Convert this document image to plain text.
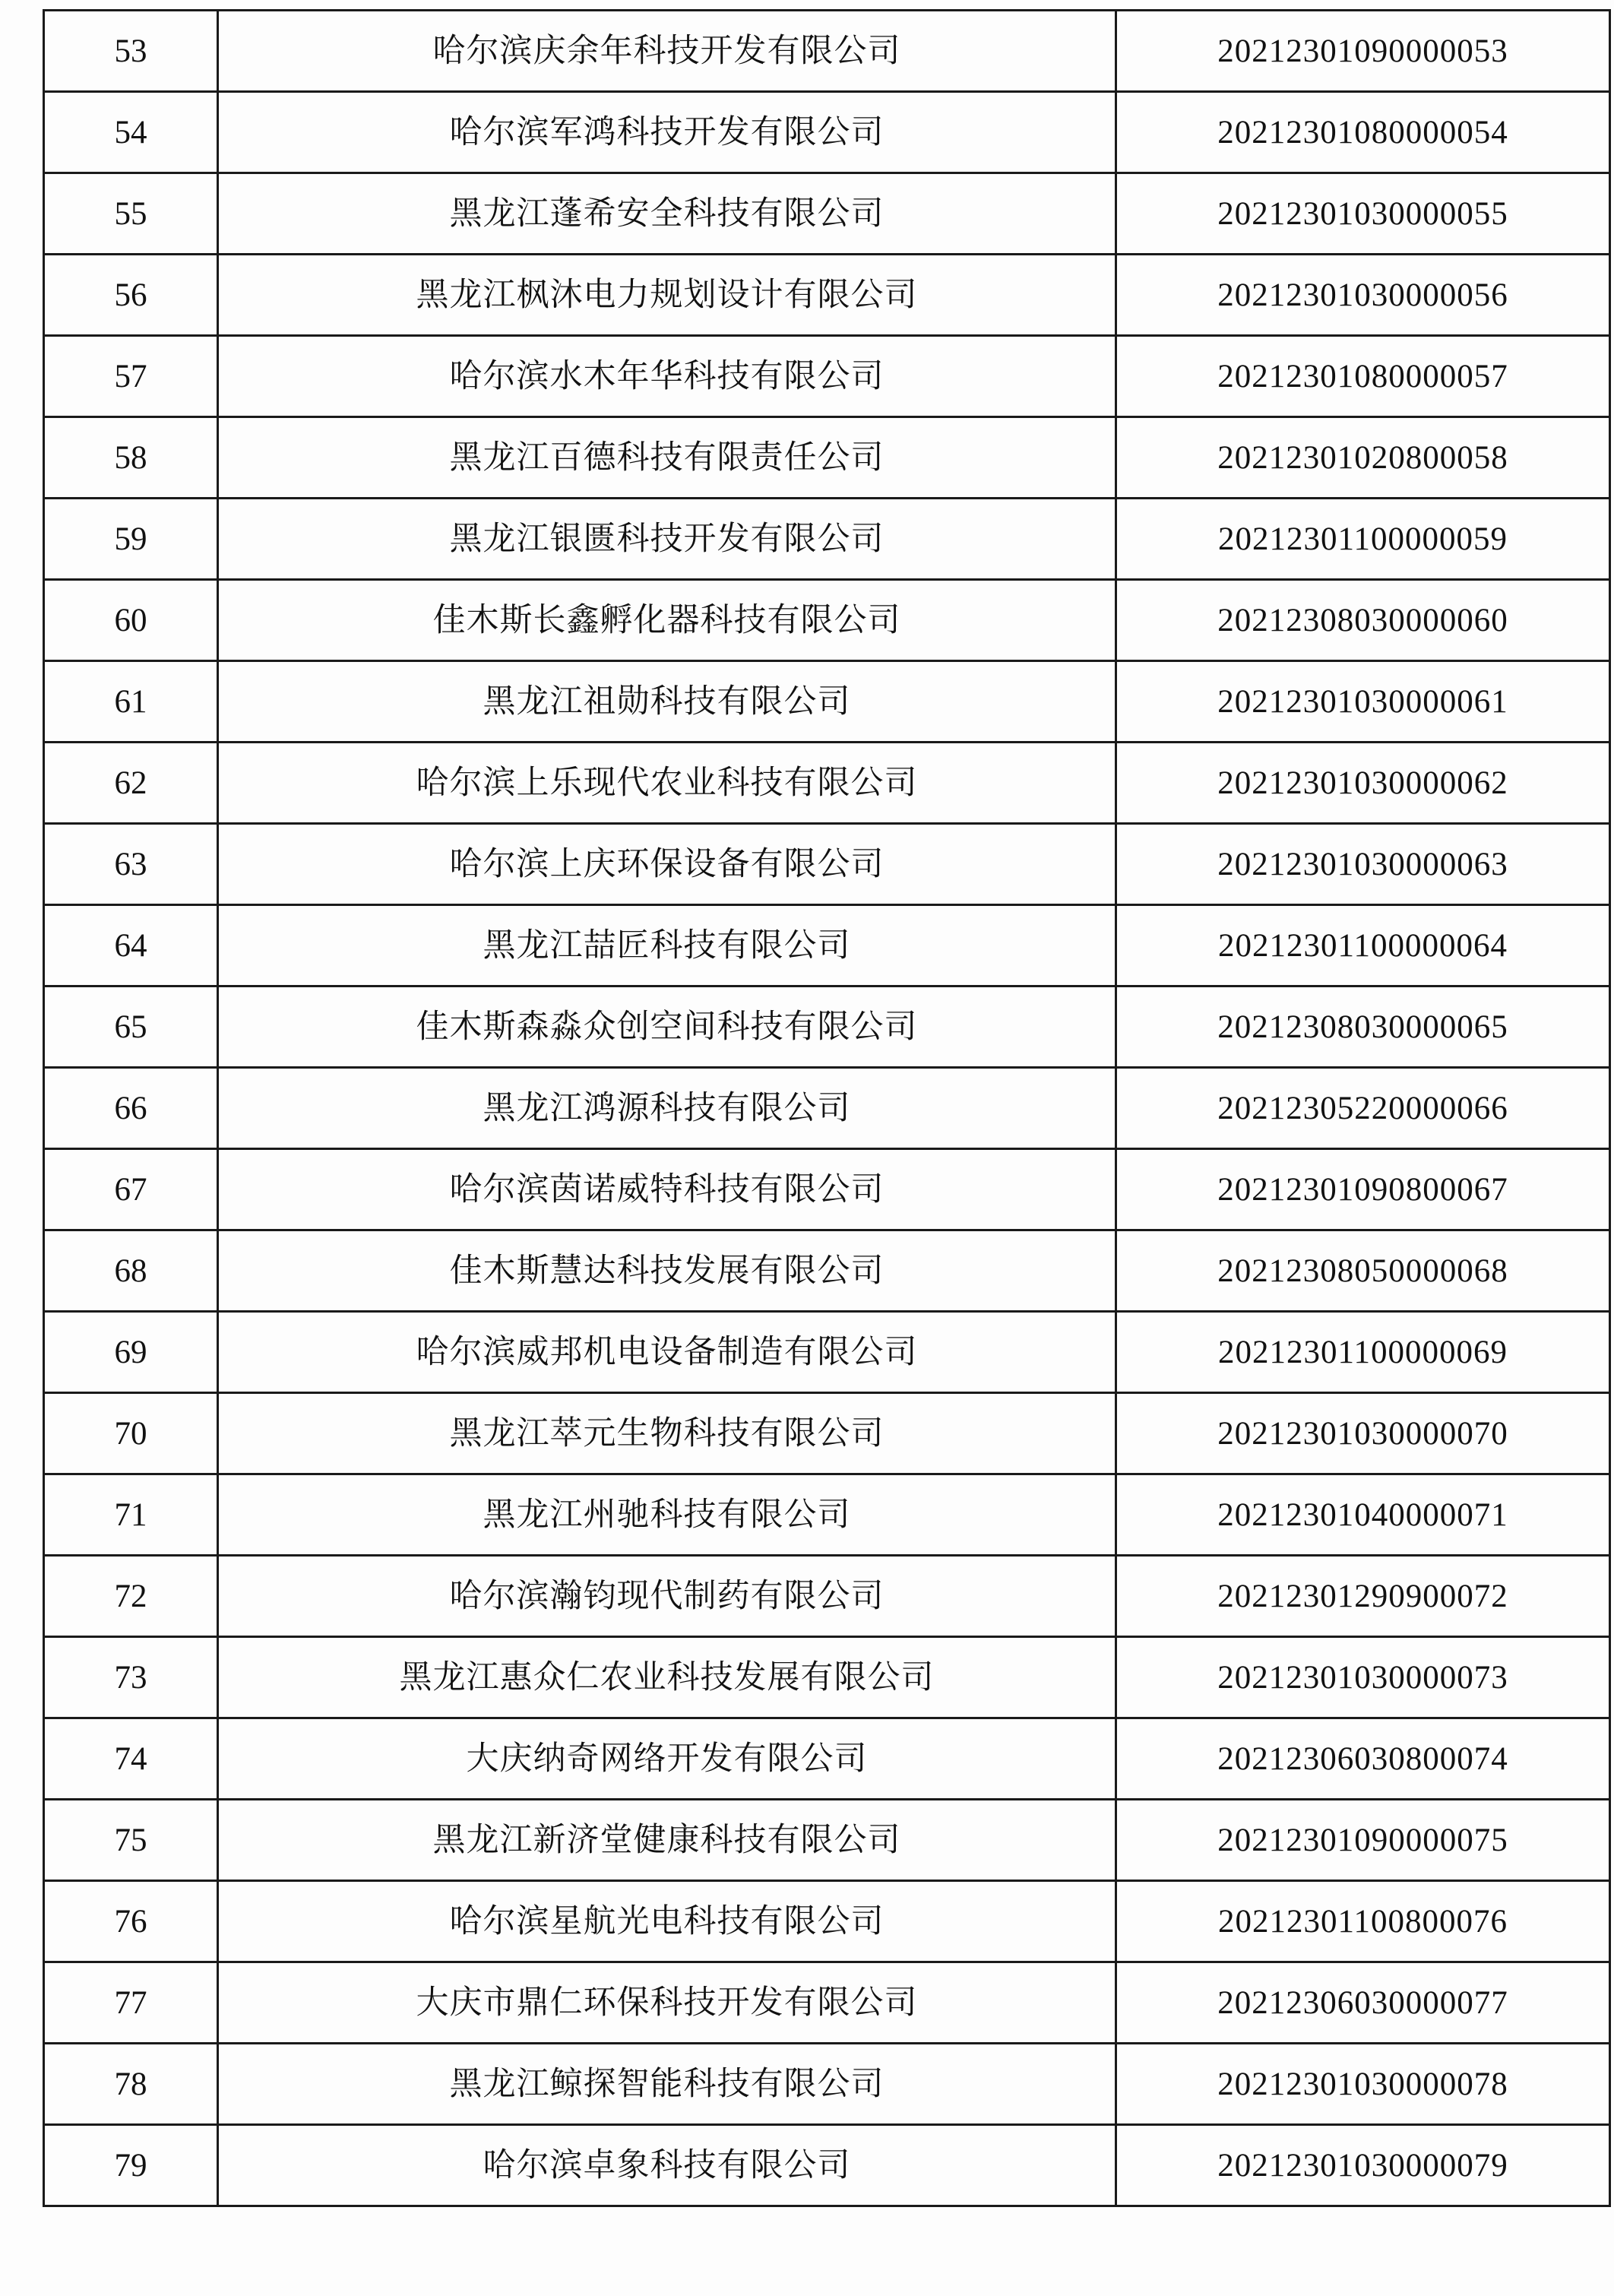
53	哈尔滨庆余年科技开发有限公司	20212301090000053
54	哈尔滨军鸿科技开发有限公司	20212301080000054
55	黑龙江蓬希安全科技有限公司	20212301030000055
56	黑龙江枫沐电力规划设计有限公司	20212301030000056
57	哈尔滨水木年华科技有限公司	20212301080000057
58	黑龙江百德科技有限责任公司	20212301020800058
59	黑龙江银匮科技开发有限公司	20212301100000059
60	佳木斯长鑫孵化器科技有限公司	20212308030000060
61	黑龙江祖勋科技有限公司	20212301030000061
62	哈尔滨上乐现代农业科技有限公司	20212301030000062
63	哈尔滨上庆环保设备有限公司	20212301030000063
64	黑龙江喆匠科技有限公司	20212301100000064
65	佳木斯森淼众创空间科技有限公司	20212308030000065
66	黑龙江鸿源科技有限公司	20212305220000066
67	哈尔滨茵诺威特科技有限公司	20212301090800067
68	佳木斯慧达科技发展有限公司	20212308050000068
69	哈尔滨威邦机电设备制造有限公司	20212301100000069
70	黑龙江萃元生物科技有限公司	20212301030000070
71	黑龙江州驰科技有限公司	20212301040000071
72	哈尔滨瀚钧现代制药有限公司	20212301290900072
73	黑龙江惠众仁农业科技发展有限公司	20212301030000073
74	大庆纳奇网络开发有限公司	20212306030800074
75	黑龙江新济堂健康科技有限公司	20212301090000075
76	哈尔滨星航光电科技有限公司	20212301100800076
77	大庆市鼎仁环保科技开发有限公司	20212306030000077
78	黑龙江鲸探智能科技有限公司	20212301030000078
79	哈尔滨卓象科技有限公司	20212301030000079
